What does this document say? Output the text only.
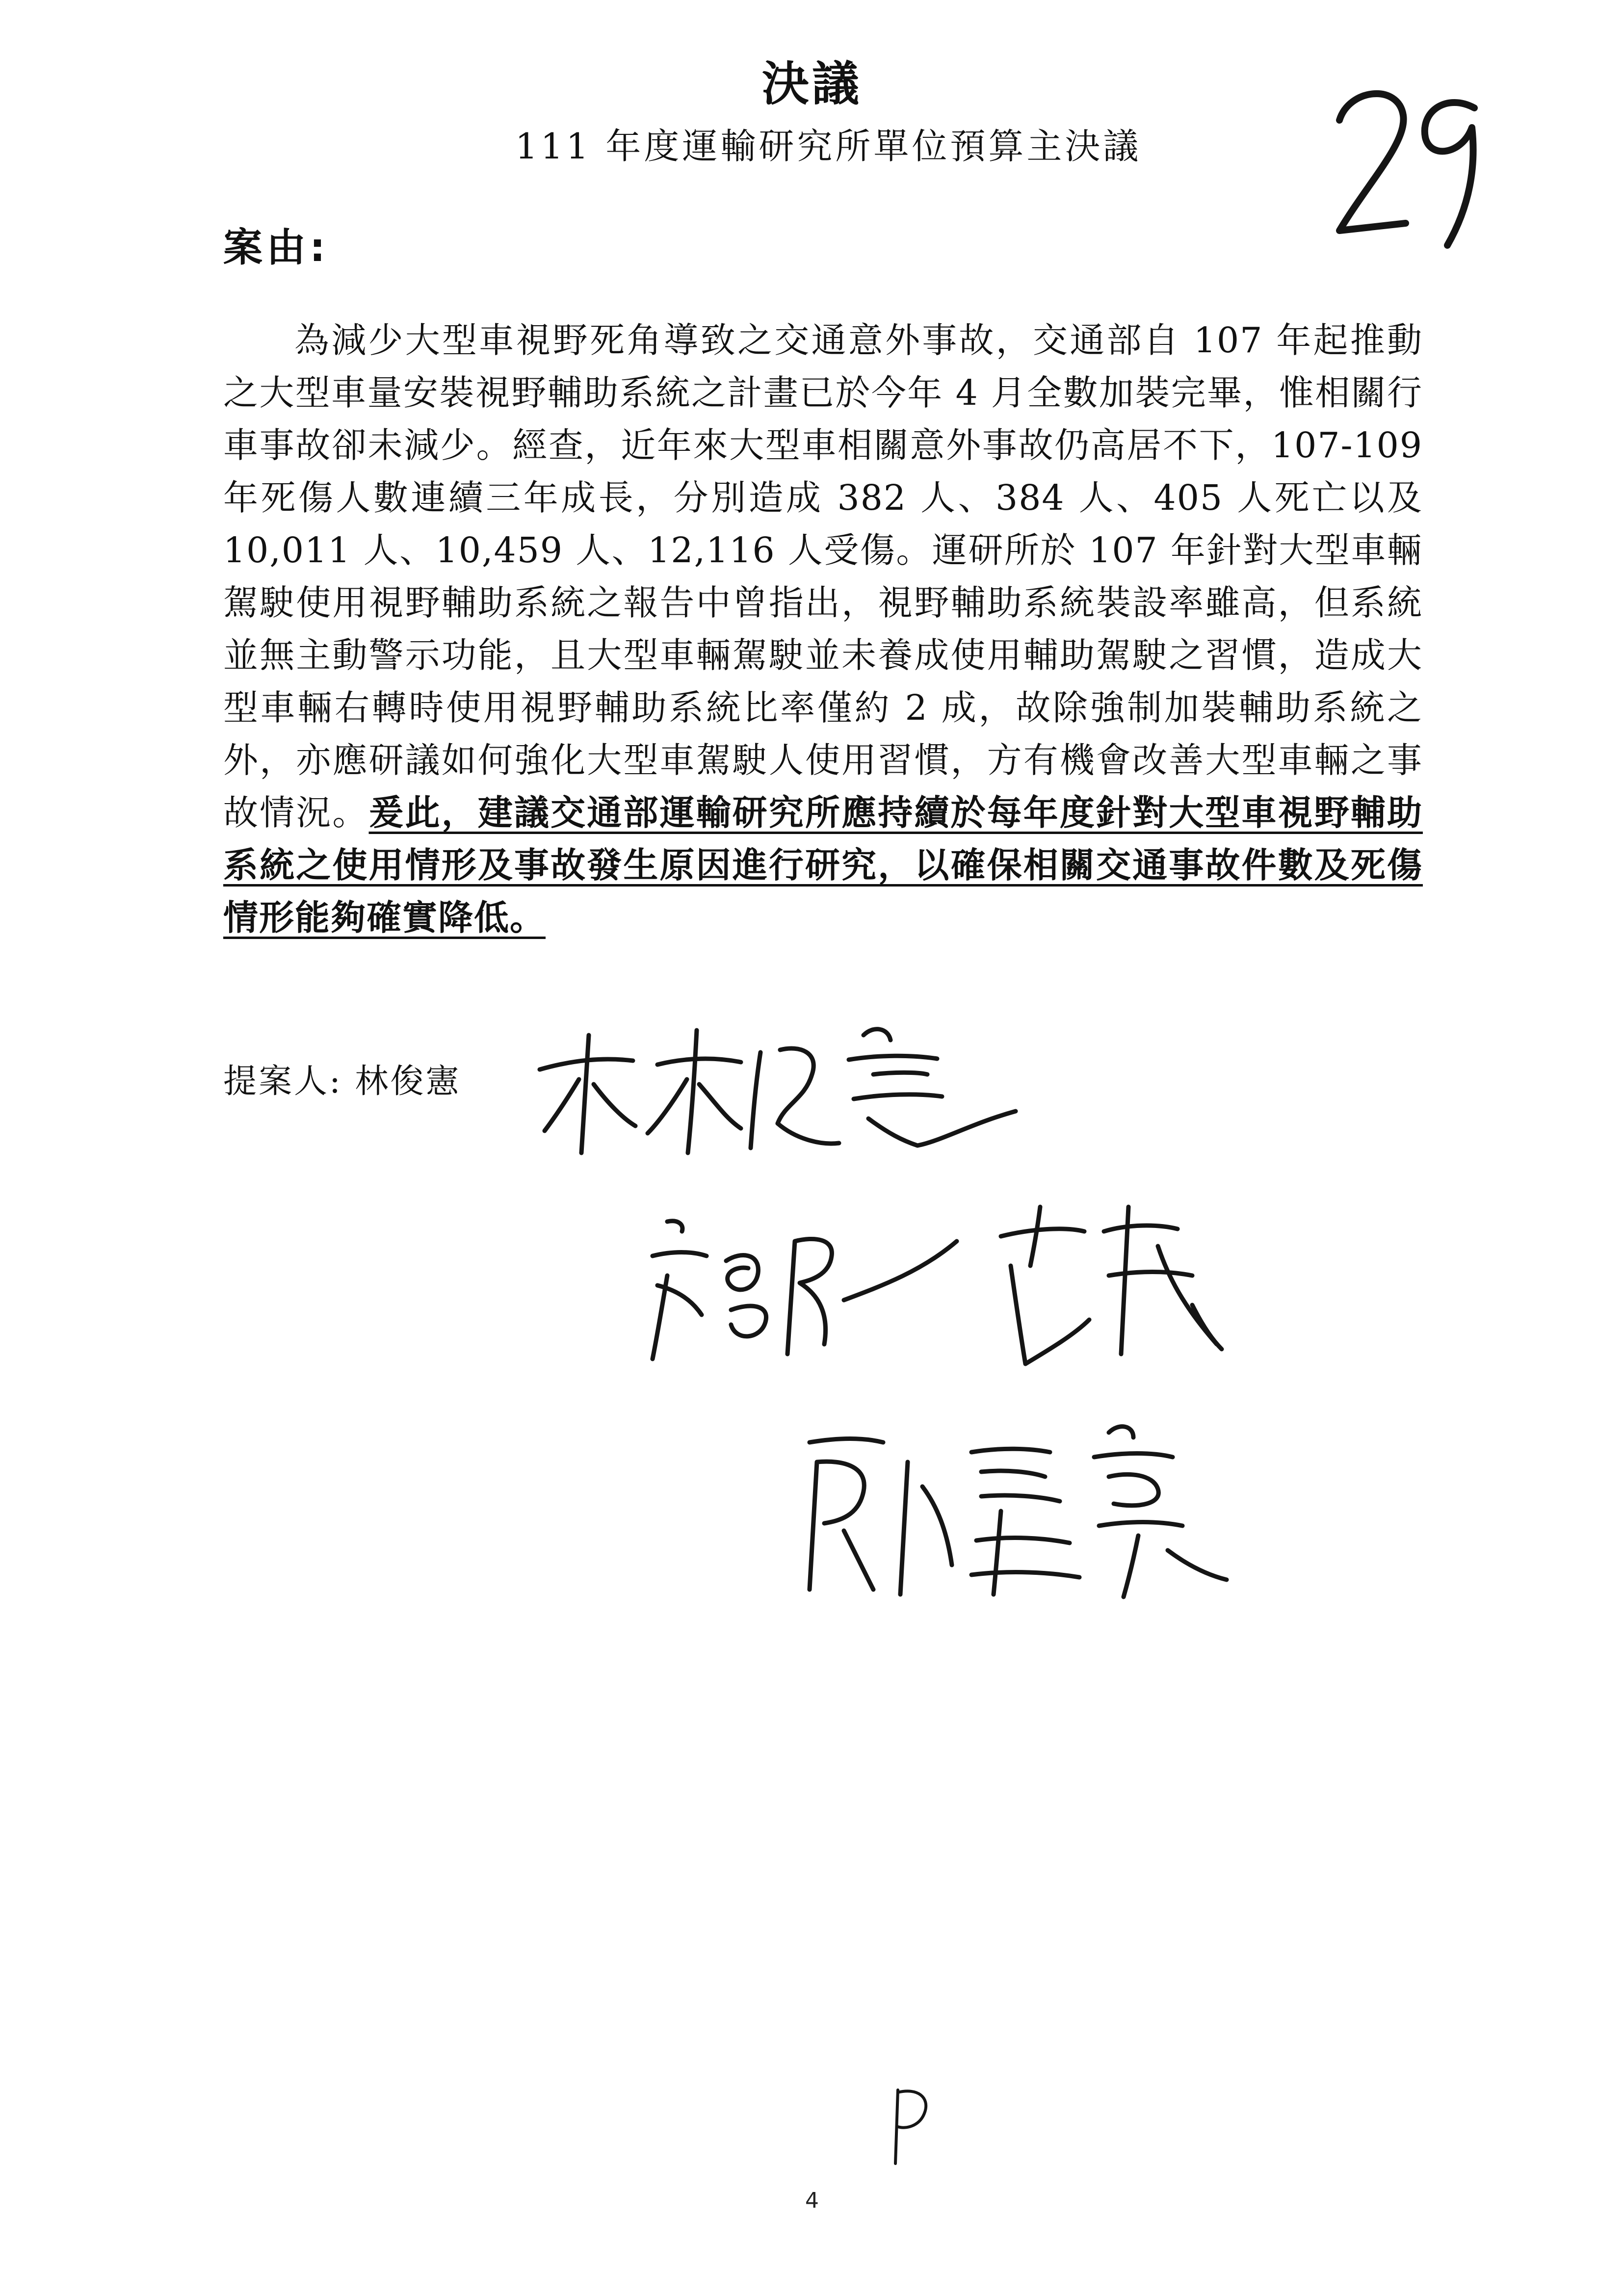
決議
111 年度運輸研究所單位預算主決議
案由:
為減少大型車視野死角導致之交通意外事故，交通部自 107 年起推動之大型車量安裝視野輔助系統之計畫已於今年 4 月全數加裝完畢，惟相關行車事故卻未減少。經查，近年來大型車相關意外事故仍高居不下，107-109 年死傷人數連續三年成長，分別造成 382 人、384 人、405 人死亡以及 10,011 人、10,459 人、12,116 人受傷。運研所於 107 年針對大型車輛駕駛使用視野輔助系統之報告中曾指出，視野輔助系統裝設率雖高，但系統並無主動警示功能，且大型車輛駕駛並未養成使用輔助駕駛之習慣，造成大型車輛右轉時使用視野輔助系統比率僅約 2 成，故除強制加裝輔助系統之外，亦應研議如何強化大型車駕駛人使用習慣，方有機會改善大型車輛之事故情況。爰此，建議交通部運輸研究所應持續於每年度針對大型車視野輔助系統之使用情形及事故發生原因進行研究，以確保相關交通事故件數及死傷情形能夠確實降低。
提案人: 林俊憲
4
